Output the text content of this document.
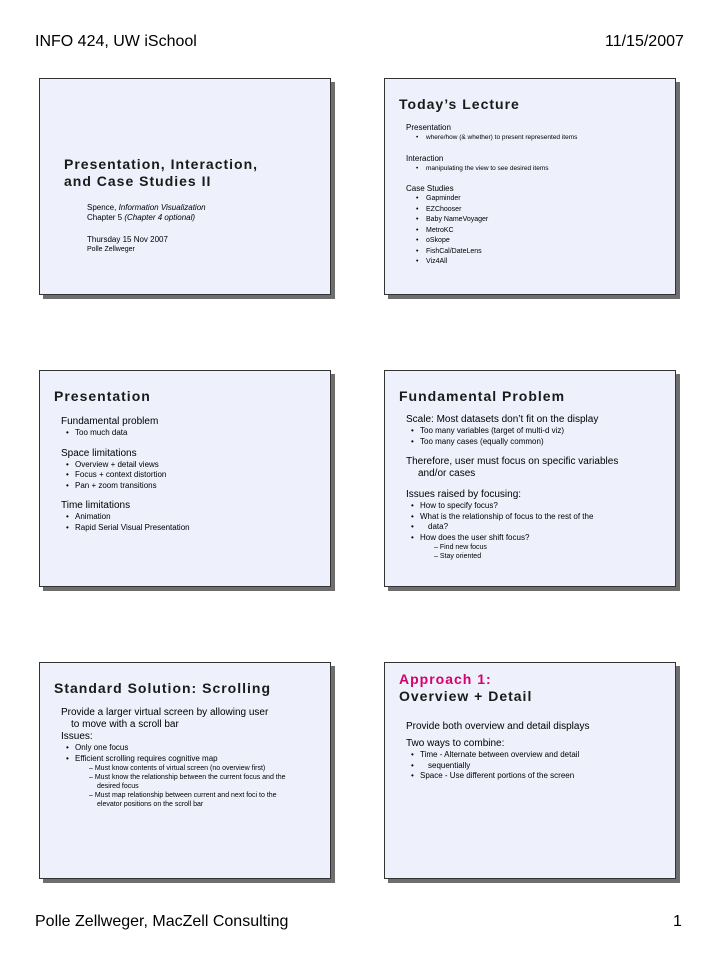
INFO 424, UW iSchool	11/15/2007
Presentation, Interaction,
and Case Studies II
Spence, Information Visualization
Chapter 5 (Chapter 4 optional)
Thursday 15 Nov 2007
Polle Zellweger
Today’s Lecture
Presentation
• where/how (& whether) to present represented items
Interaction
• manipulating the view to see desired items
Case Studies
• Gapminder
• EZChooser
• Baby NameVoyager
• MetroKC
• oSkope
• FishCal/DateLens
• Viz4All
Presentation
Fundamental problem
• Too much data
Space limitations
• Overview + detail views
• Focus + context distortion
• Pan + zoom transitions
Time limitations
• Animation
• Rapid Serial Visual Presentation
Fundamental Problem
Scale: Most datasets don’t fit on the display
• Too many variables (target of multi-d viz)
• Too many cases (equally common)
Therefore, user must focus on specific variables
and/or cases
Issues raised by focusing:
• How to specify focus?
• What is the relationship of focus to the rest of the
• data?
• How does the user shift focus?
– Find new focus
– Stay oriented
Standard Solution: Scrolling
Provide a larger virtual screen by allowing user
to move with a scroll bar
Issues:
• Only one focus
• Efficient scrolling requires cognitive map
– Must know contents of virtual screen (no overview first)
– Must know the relationship between the current focus and the desired focus
– Must map relationship between current and next foci to the elevator positions on the scroll bar
Approach 1:
Overview + Detail
Provide both overview and detail displays
Two ways to combine:
• Time - Alternate between overview and detail
• sequentially
• Space - Use different portions of the screen
Polle Zellweger, MacZell Consulting	1
